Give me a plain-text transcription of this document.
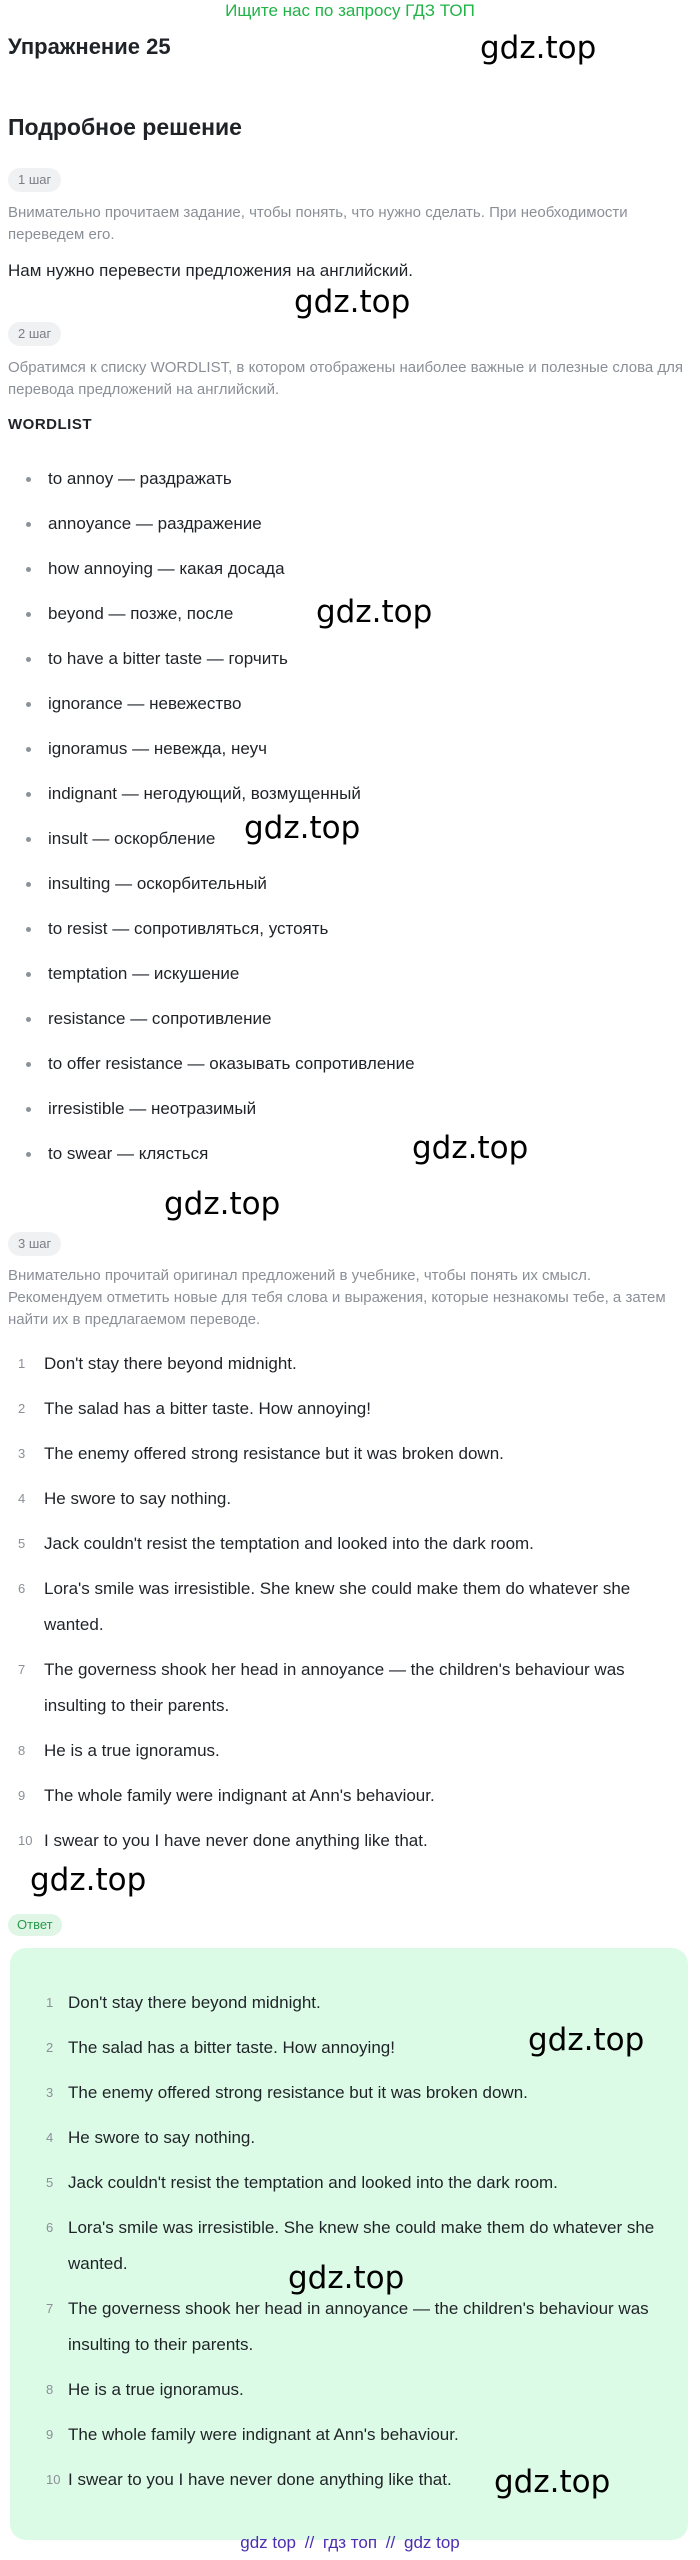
Ищите нас по запросу ГДЗ ТОП
Упражнение 25	gdz.top
Подробное решение
1 шаг
Внимательно прочитаем задание, чтобы понять, что нужно сделать. При необходимости переведем его.
Нам нужно перевести предложения на английский.
gdz.top
2 шаг
Обратимся к списку WORDLIST, в котором отображены наиболее важные и полезные слова для перевода предложений на английский.
WORDLIST
to annoy — раздражать
annoyance — раздражение
how annoying — какая досада
beyond — позже, после
to have a bitter taste — горчить
ignorance — невежество
ignoramus — невежда, неуч
indignant — негодующий, возмущенный
insult — оскорбление
insulting — оскорбительный
to resist — сопротивляться, устоять
temptation — искушение
resistance — сопротивление
to offer resistance — оказывать сопротивление
irresistible — неотразимый
to swear — клясться
gdz.top
gdz.top
gdz.top
gdz.top
3 шаг
Внимательно прочитай оригинал предложений в учебнике, чтобы понять их смысл. Рекомендуем отметить новые для тебя слова и выражения, которые незнакомы тебе, а затем найти их в предлагаемом переводе.
1 Don't stay there beyond midnight.
2 The salad has a bitter taste. How annoying!
3 The enemy offered strong resistance but it was broken down.
4 He swore to say nothing.
5 Jack couldn't resist the temptation and looked into the dark room.
6 Lora's smile was irresistible. She knew she could make them do whatever she wanted.
7 The governess shook her head in annoyance — the children's behaviour was insulting to their parents.
8 He is a true ignoramus.
9 The whole family were indignant at Ann's behaviour.
10 I swear to you I have never done anything like that.
gdz.top
Ответ
1 Don't stay there beyond midnight.
2 The salad has a bitter taste. How annoying!
3 The enemy offered strong resistance but it was broken down.
4 He swore to say nothing.
5 Jack couldn't resist the temptation and looked into the dark room.
6 Lora's smile was irresistible. She knew she could make them do whatever she wanted.
7 The governess shook her head in annoyance — the children's behaviour was insulting to their parents.
8 He is a true ignoramus.
9 The whole family were indignant at Ann's behaviour.
10 I swear to you I have never done anything like that.
gdz.top
gdz.top
gdz.top
gdz top // гдз топ // gdz top
